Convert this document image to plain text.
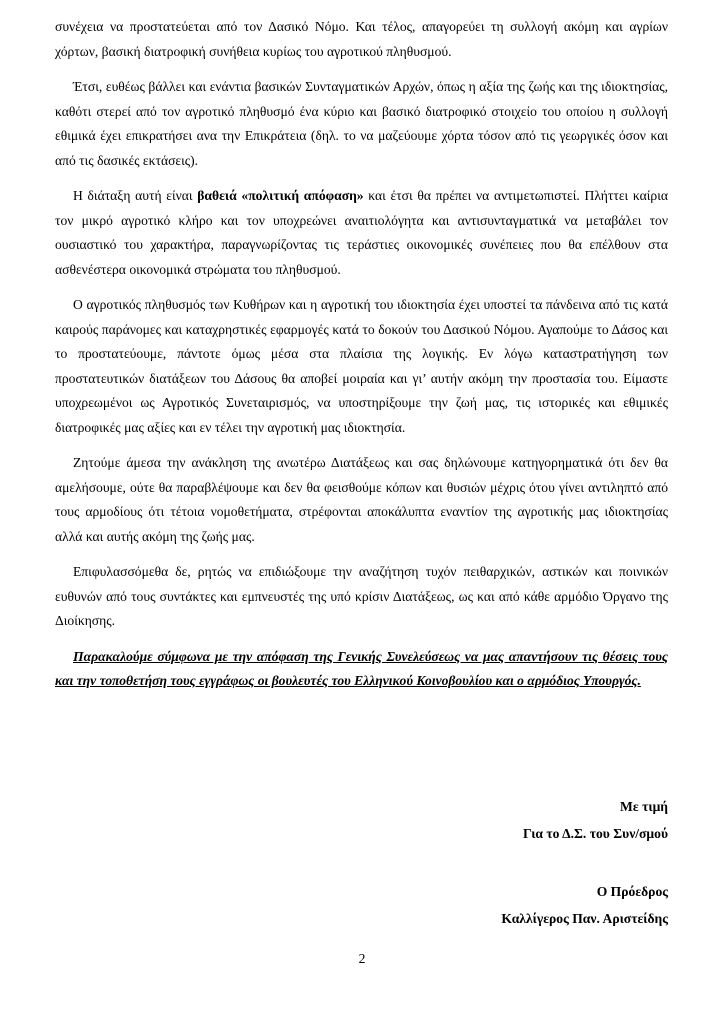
συνέχεια να προστατεύεται από τον Δασικό Νόμο. Και τέλος, απαγορεύει τη συλλογή ακόμη και αγρίων χόρτων, βασική διατροφική συνήθεια κυρίως του αγροτικού πληθυσμού.

Έτσι, ευθέως βάλλει και ενάντια βασικών Συνταγματικών Αρχών, όπως η αξία της ζωής και της ιδιοκτησίας, καθότι στερεί από τον αγροτικό πληθυσμό ένα κύριο και βασικό διατροφικό στοιχείο του οποίου η συλλογή εθιμικά έχει επικρατήσει ανα την Επικράτεια (δηλ. το να μαζεύουμε χόρτα τόσον από τις γεωργικές όσον και από τις δασικές εκτάσεις).

Η διάταξη αυτή είναι βαθειά «πολιτική απόφαση» και έτσι θα πρέπει να αντιμετωπιστεί. Πλήττει καίρια τον μικρό αγροτικό κλήρο και τον υποχρεώνει αναιτιολόγητα και αντισυνταγματικά να μεταβάλει τον ουσιαστικό του χαρακτήρα, παραγνωρίζοντας τις τεράστιες οικονομικές συνέπειες που θα επέλθουν στα ασθενέστερα οικονομικά στρώματα του πληθυσμού.

Ο αγροτικός πληθυσμός των Κυθήρων και η αγροτική του ιδιοκτησία έχει υποστεί τα πάνδεινα από τις κατά καιρούς παράνομες και καταχρηστικές εφαρμογές κατά το δοκούν του Δασικού Νόμου. Αγαπούμε το Δάσος και το προστατεύουμε, πάντοτε όμως μέσα στα πλαίσια της λογικής. Εν λόγω καταστρατήγηση των προστατευτικών διατάξεων του Δάσους θα αποβεί μοιραία και γι’ αυτήν ακόμη την προστασία του. Είμαστε υποχρεωμένοι ως Αγροτικός Συνεταιρισμός, να υποστηρίξουμε την ζωή μας, τις ιστορικές και εθιμικές διατροφικές μας αξίες και εν τέλει την αγροτική μας ιδιοκτησία.

Ζητούμε άμεσα την ανάκληση της ανωτέρω Διατάξεως και σας δηλώνουμε κατηγορηματικά ότι δεν θα αμελήσουμε, ούτε θα παραβλέψουμε και δεν θα φεισθούμε κόπων και θυσιών μέχρις ότου γίνει αντιληπτό από τους αρμοδίους ότι τέτοια νομοθετήματα, στρέφονται αποκάλυπτα εναντίον της αγροτικής μας ιδιοκτησίας αλλά και αυτής ακόμη της ζωής μας.

Επιφυλασσόμεθα δε, ρητώς να επιδιώξουμε την αναζήτηση τυχόν πειθαρχικών, αστικών και ποινικών ευθυνών από τους συντάκτες και εμπνευστές της υπό κρίσιν Διατάξεως, ως και από κάθε αρμόδιο Όργανο της Διοίκησης.

Παρακαλούμε σύμφωνα με την απόφαση της Γενικής Συνελεύσεως να μας απαντήσουν τις θέσεις τους και την τοποθετήση τους εγγράφως οι βουλευτές του Ελληνικού Κοινοβουλίου και ο αρμόδιος Υπουργός.

Με τιμή
Για το Δ.Σ. του Συν/σμού
Ο Πρόεδρος
Καλλίγερος Παν. Αριστείδης
2
